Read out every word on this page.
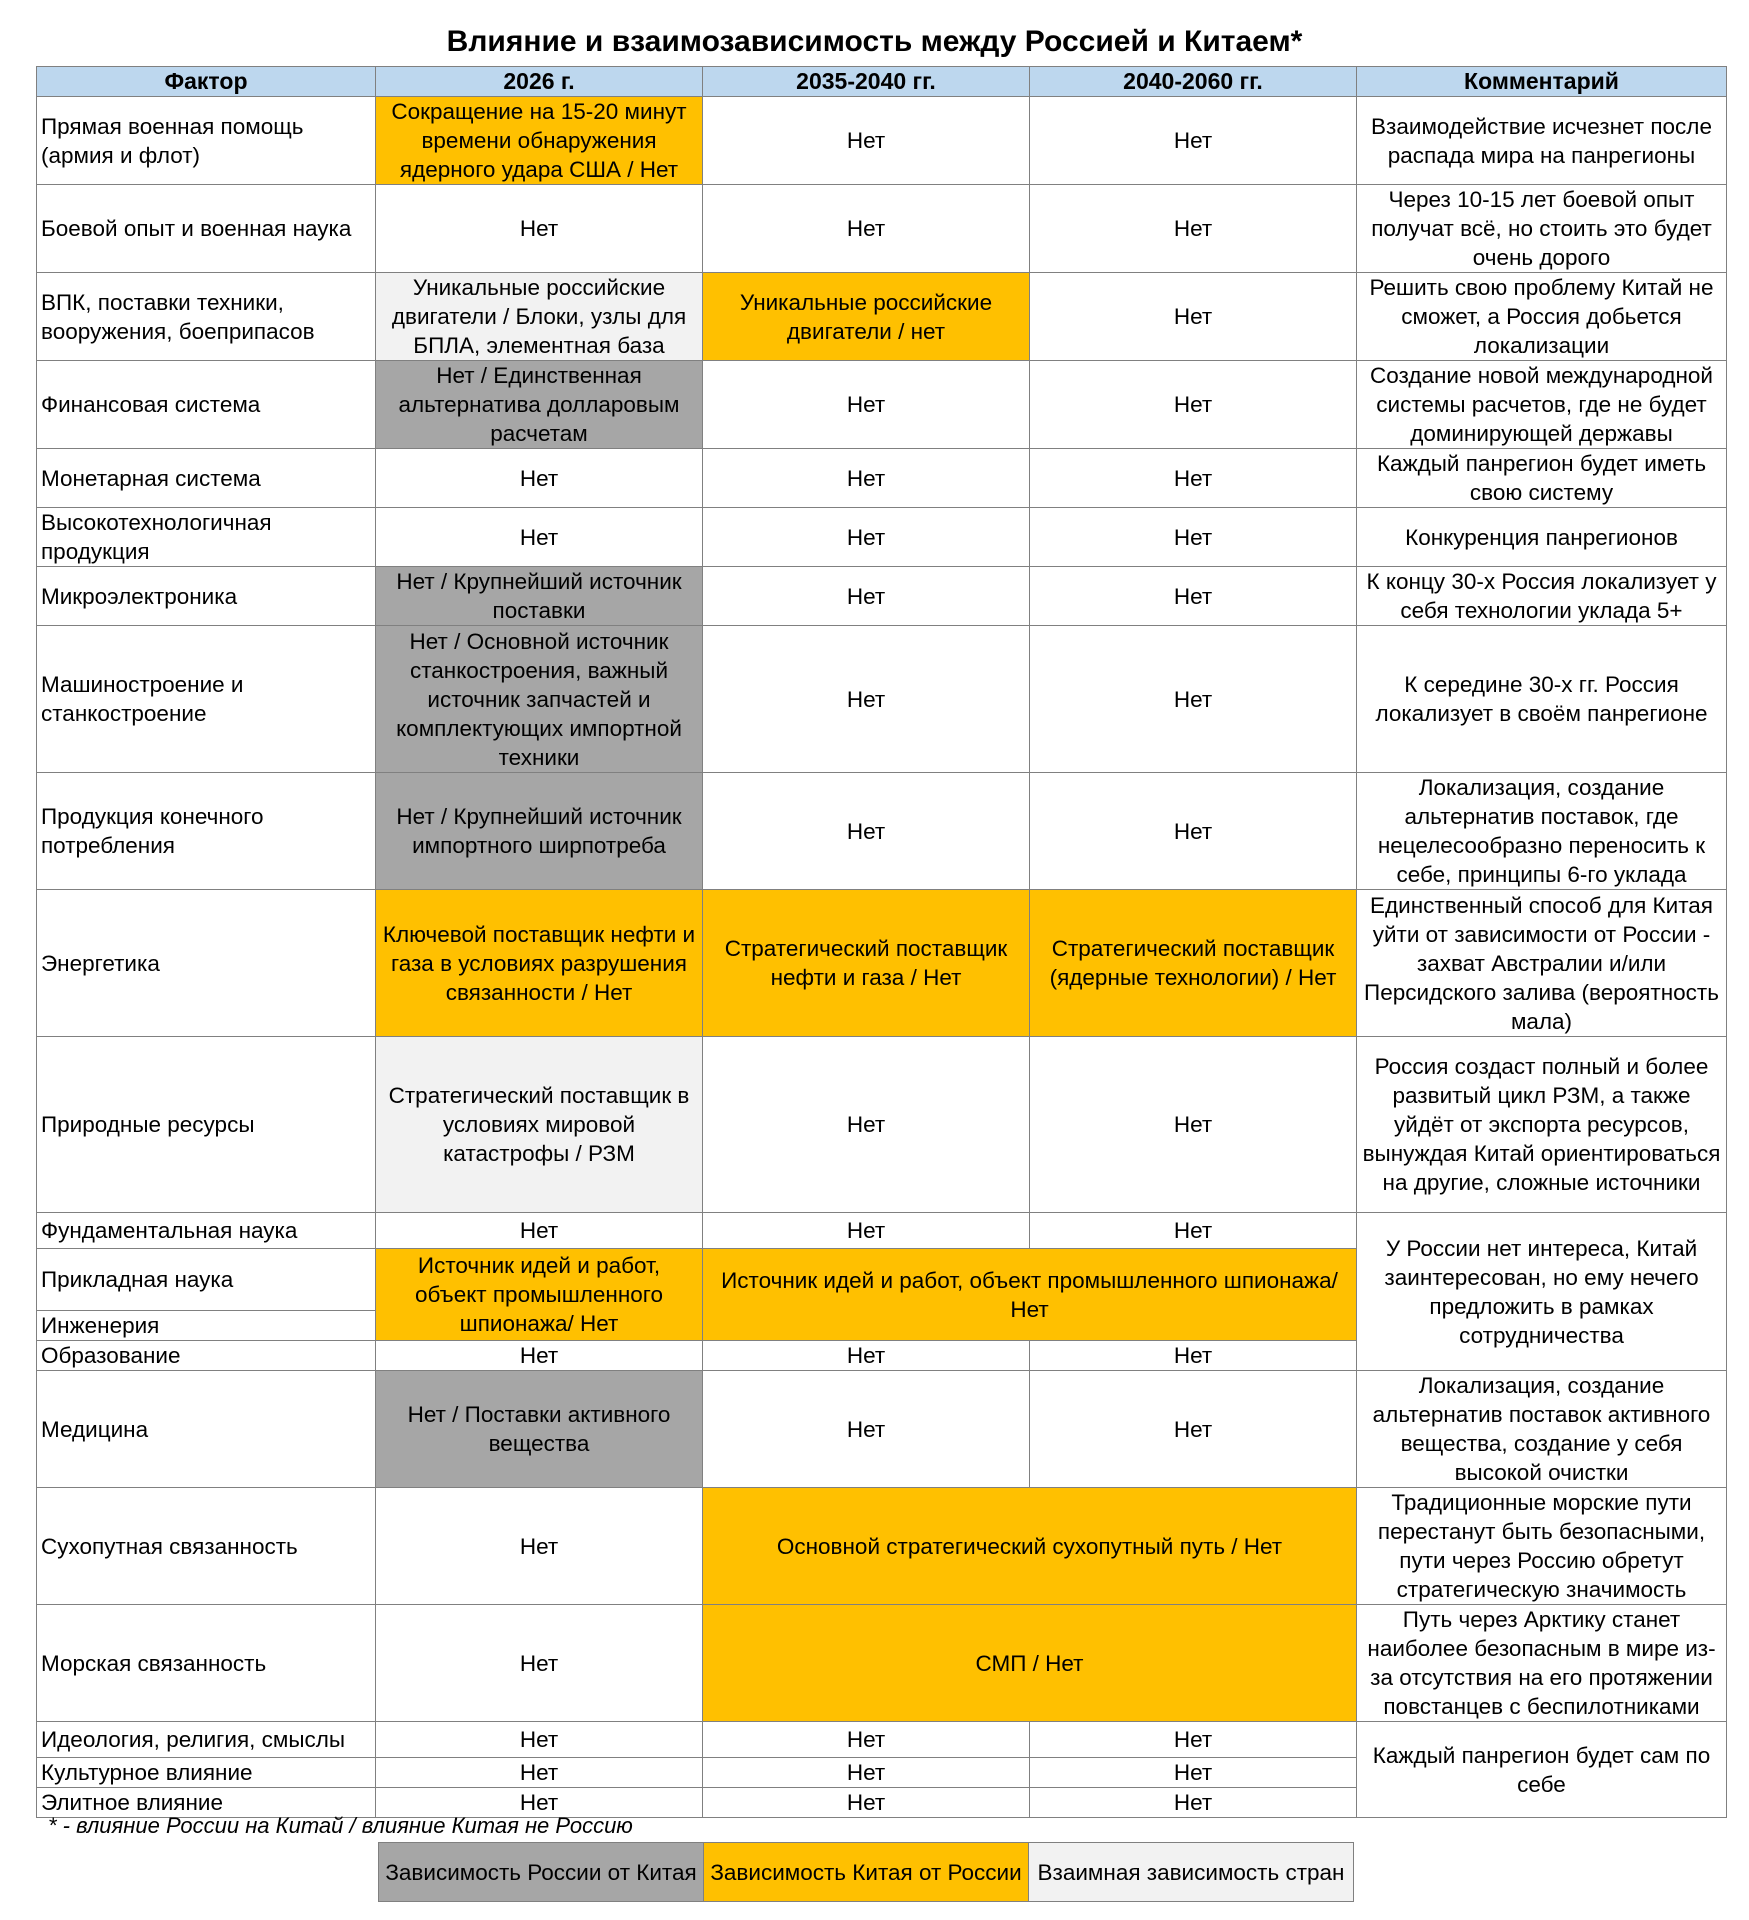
Влияние и взаимозависимость между Россией и Китаем*
Фактор	2026 г.	2035-2040 гг.	2040-2060 гг.	Комментарий
Прямая военная помощь (армия и флот)	Сокращение на 15-20 минут времени обнаружения ядерного удара США / Нет	Нет	Нет	Взаимодействие исчезнет после распада мира на панрегионы
Боевой опыт и военная наука	Нет	Нет	Нет	Через 10-15 лет боевой опыт получат всё, но стоить это будет очень дорого
ВПК, поставки техники, вооружения, боеприпасов	Уникальные российские двигатели / Блоки, узлы для БПЛА, элементная база	Уникальные российские двигатели / нет	Нет	Решить свою проблему Китай не сможет, а Россия добьется локализации
Финансовая система	Нет / Единственная альтернатива долларовым расчетам	Нет	Нет	Создание новой международной системы расчетов, где не будет доминирующей державы
Монетарная система	Нет	Нет	Нет	Каждый панрегион будет иметь свою систему
Высокотехнологичная продукция	Нет	Нет	Нет	Конкуренция панрегионов
Микроэлектроника	Нет / Крупнейший источник поставки	Нет	Нет	К концу 30-х Россия локализует у себя технологии уклада 5+
Машиностроение и станкостроение	Нет / Основной источник станкостроения, важный источник запчастей и комплектующих импортной техники	Нет	Нет	К середине 30-х гг. Россия локализует в своём панрегионе
Продукция конечного потребления	Нет / Крупнейший источник импортного ширпотреба	Нет	Нет	Локализация, создание альтернатив поставок, где нецелесообразно переносить к себе, принципы 6-го уклада
Энергетика	Ключевой поставщик нефти и газа в условиях разрушения связанности / Нет	Стратегический поставщик нефти и газа / Нет	Стратегический поставщик (ядерные технологии) / Нет	Единственный способ для Китая уйти от зависимости от России - захват Австралии и/или Персидского залива (вероятность мала)
Природные ресурсы	Стратегический поставщик в условиях мировой катастрофы / РЗМ	Нет	Нет	Россия создаст полный и более развитый цикл РЗМ, а также уйдёт от экспорта ресурсов, вынуждая Китай ориентироваться на другие, сложные источники
Фундаментальная наука	Нет	Нет	Нет	У России нет интереса, Китай заинтересован, но ему нечего предложить в рамках сотрудничества
Прикладная наука	Источник идей и работ, объект промышленного шпионажа/ Нет	Источник идей и работ, объект промышленного шпионажа/ Нет		
Инженерия				
Образование	Нет	Нет	Нет	
Медицина	Нет / Поставки активного вещества	Нет	Нет	Локализация, создание альтернатив поставок активного вещества, создание у себя высокой очистки
Сухопутная связанность	Нет	Основной стратегический сухопутный путь / Нет		Традиционные морские пути перестанут быть безопасными, пути через Россию обретут стратегическую значимость
Морская связанность	Нет	СМП / Нет		Путь через Арктику станет наиболее безопасным в мире из-за отсутствия на его протяжении повстанцев с беспилотниками
Идеология, религия, смыслы	Нет	Нет	Нет	Каждый панрегион будет сам по себе
Культурное влияние	Нет	Нет	Нет	
Элитное влияние	Нет	Нет	Нет	
* - влияние России на Китай / влияние Китая не Россию
Зависимость России от Китая	Зависимость Китая от России	Взаимная зависимость стран
